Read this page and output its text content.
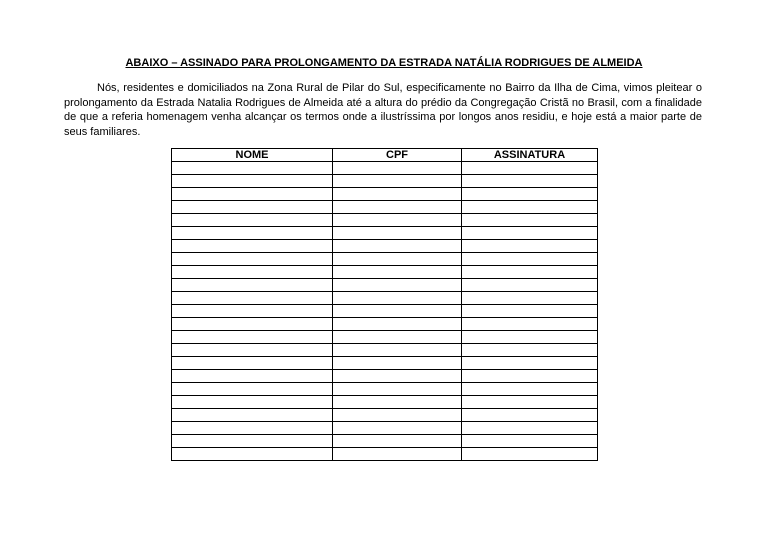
ABAIXO – ASSINADO PARA PROLONGAMENTO DA ESTRADA NATÁLIA RODRIGUES DE ALMEIDA
Nós, residentes e domiciliados na Zona Rural de Pilar do Sul, especificamente no Bairro da Ilha de Cima, vimos pleitear o prolongamento da Estrada Natalia Rodrigues de Almeida até a altura do prédio da Congregação Cristã no Brasil, com a finalidade de que a referia homenagem venha alcançar os termos onde a ilustríssima por longos anos residiu, e hoje está a maior parte de seus familiares.
NOME	CPF	ASSINATURA
